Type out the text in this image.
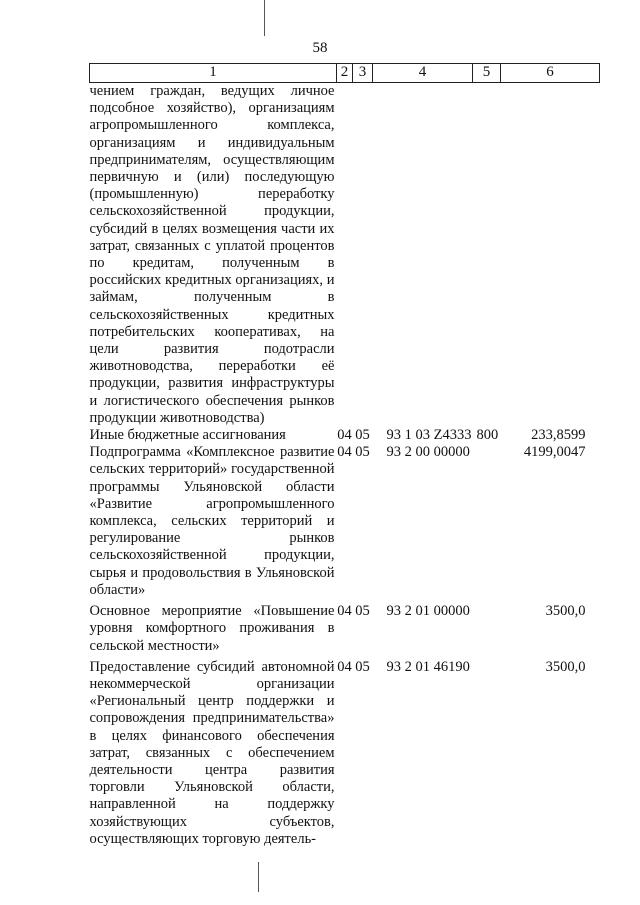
58
1	2	3	4	5	6
чением граждан, ведущих личное подсобное хозяйство), организациям агропромышленного комплекса, организациям и индивидуальным предпринимателям, осуществляющим первичную и (или) последующую (промышленную) переработку сельскохозяйственной продукции, субсидий в целях возмещения части их затрат, связанных с уплатой процентов по кредитам, полученным в российских кредитных организациях, и займам, полученным в сельскохозяйственных кредитных потребительских кооперативах, на цели развития подотрасли животноводства, переработки её продукции, развития инфраструктуры и логистического обеспечения рынков продукции животноводства)					
Иные бюджетные ассигнования	04	05	93 1 03 Z4333	800	233,8599
Подпрограмма «Комплексное развитие сельских территорий» государственной программы Ульяновской области «Развитие агропромышленного комплекса, сельских территорий и регулирование рынков сельскохозяйственной продукции, сырья и продовольствия в Ульяновской области»	04	05	93 2 00 00000		4199,0047

Основное мероприятие «Повышение уровня комфортного проживания в сельской местности»	04	05	93 2 01 00000		3500,0

Предоставление субсидий автономной некоммерческой организации «Региональный центр поддержки и сопровождения предпринимательства» в целях финансового обеспечения затрат, связанных с обеспечением деятельности центра развития торговли Ульяновской области, направленной на поддержку хозяйствующих субъектов, осуществляющих торговую деятель-	04	05	93 2 01 46190		3500,0
